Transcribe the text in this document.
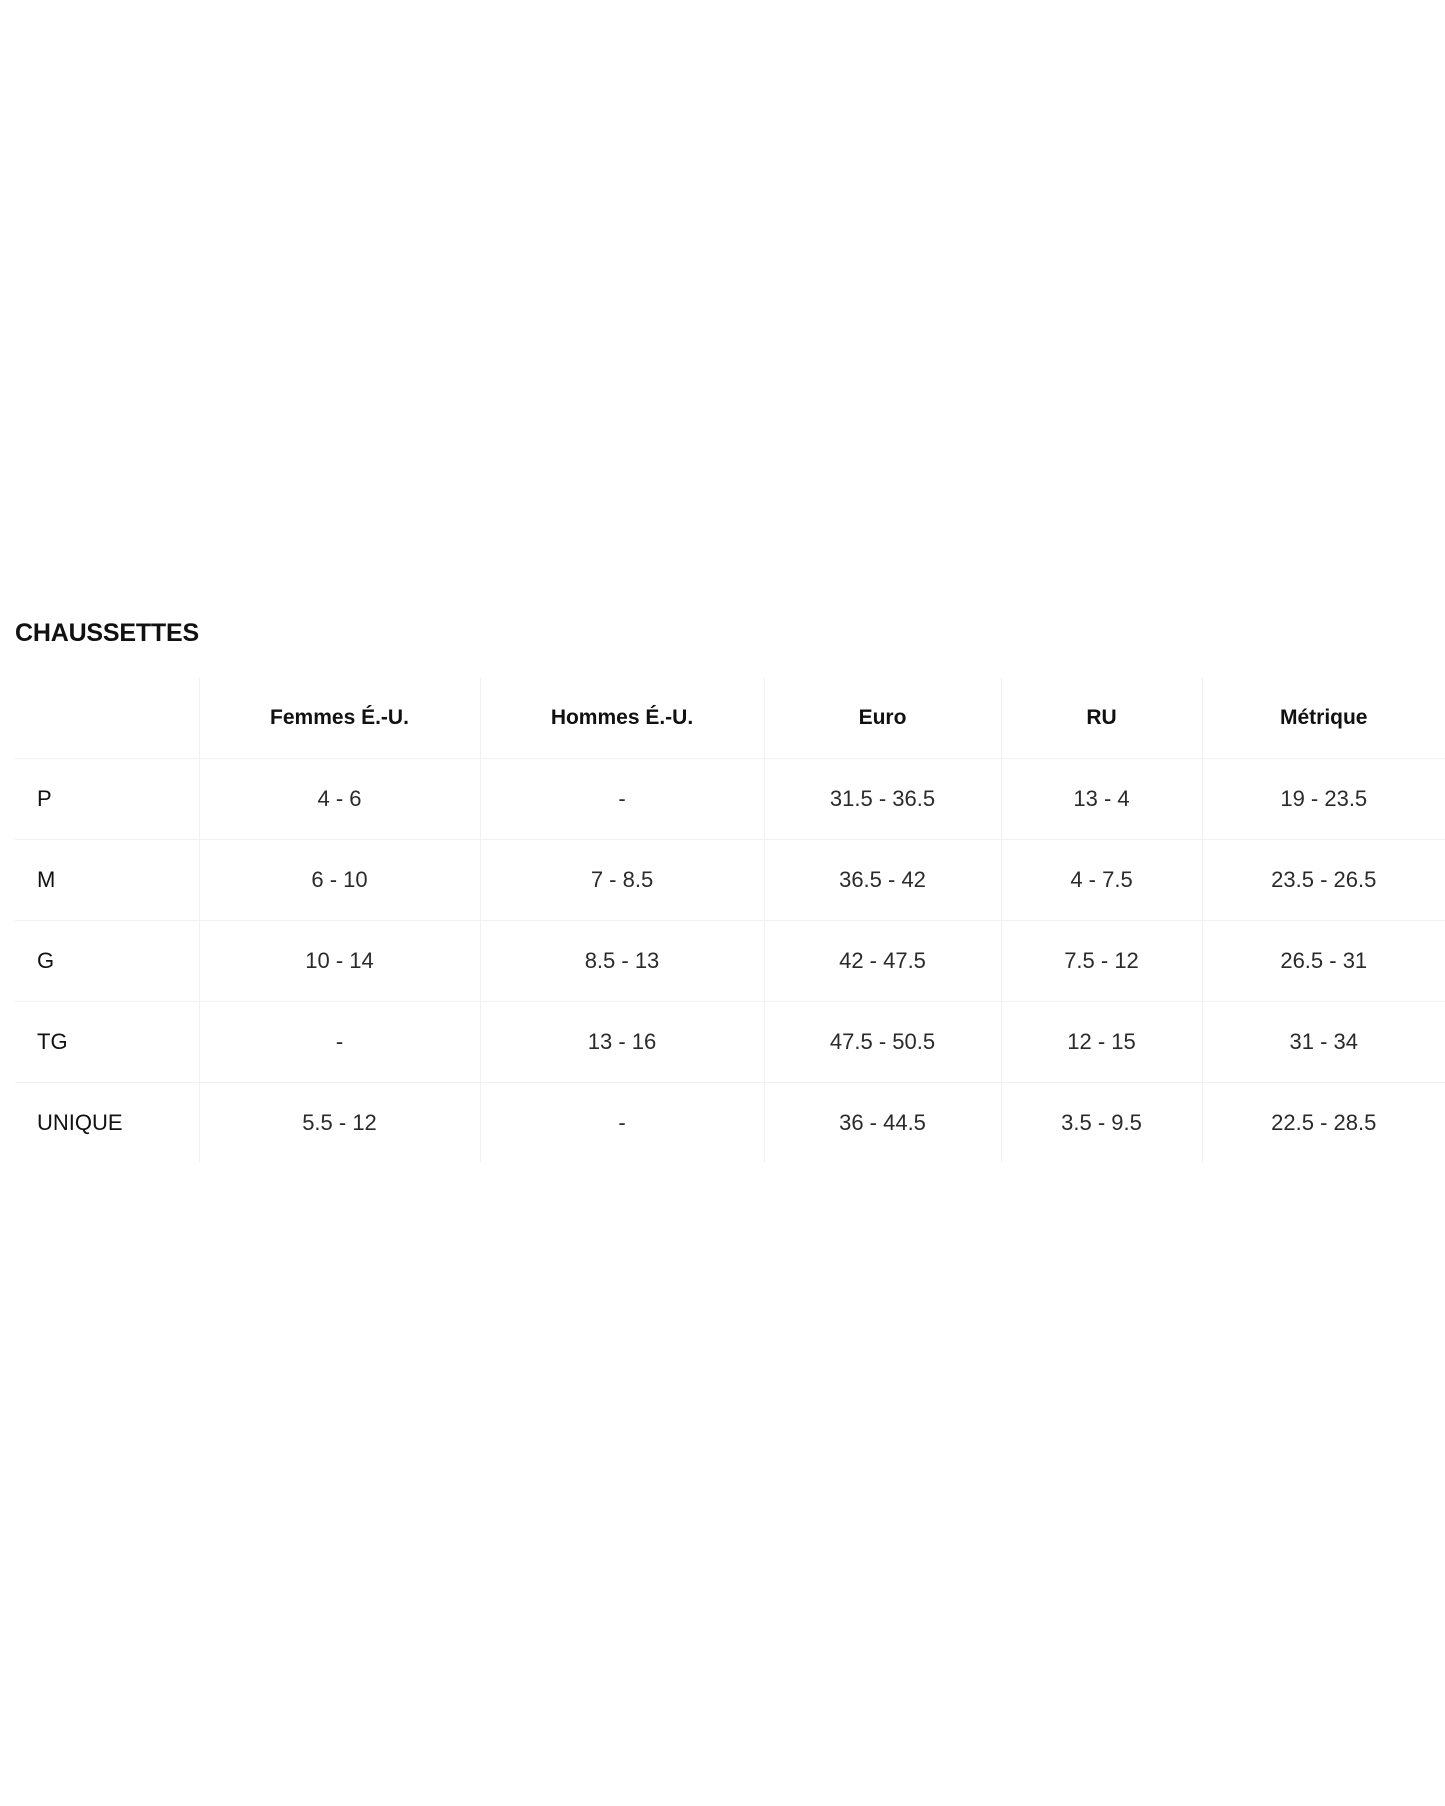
CHAUSSETTES
	Femmes É.-U.	Hommes É.-U.	Euro	RU	Métrique
P	4 - 6	-	31.5 - 36.5	13 - 4	19 - 23.5
M	6 - 10	7 - 8.5	36.5 - 42	4 - 7.5	23.5 - 26.5
G	10 - 14	8.5 - 13	42 - 47.5	7.5 - 12	26.5 - 31
TG	-	13 - 16	47.5 - 50.5	12 - 15	31 - 34
UNIQUE	5.5 - 12	-	36 - 44.5	3.5 - 9.5	22.5 - 28.5
